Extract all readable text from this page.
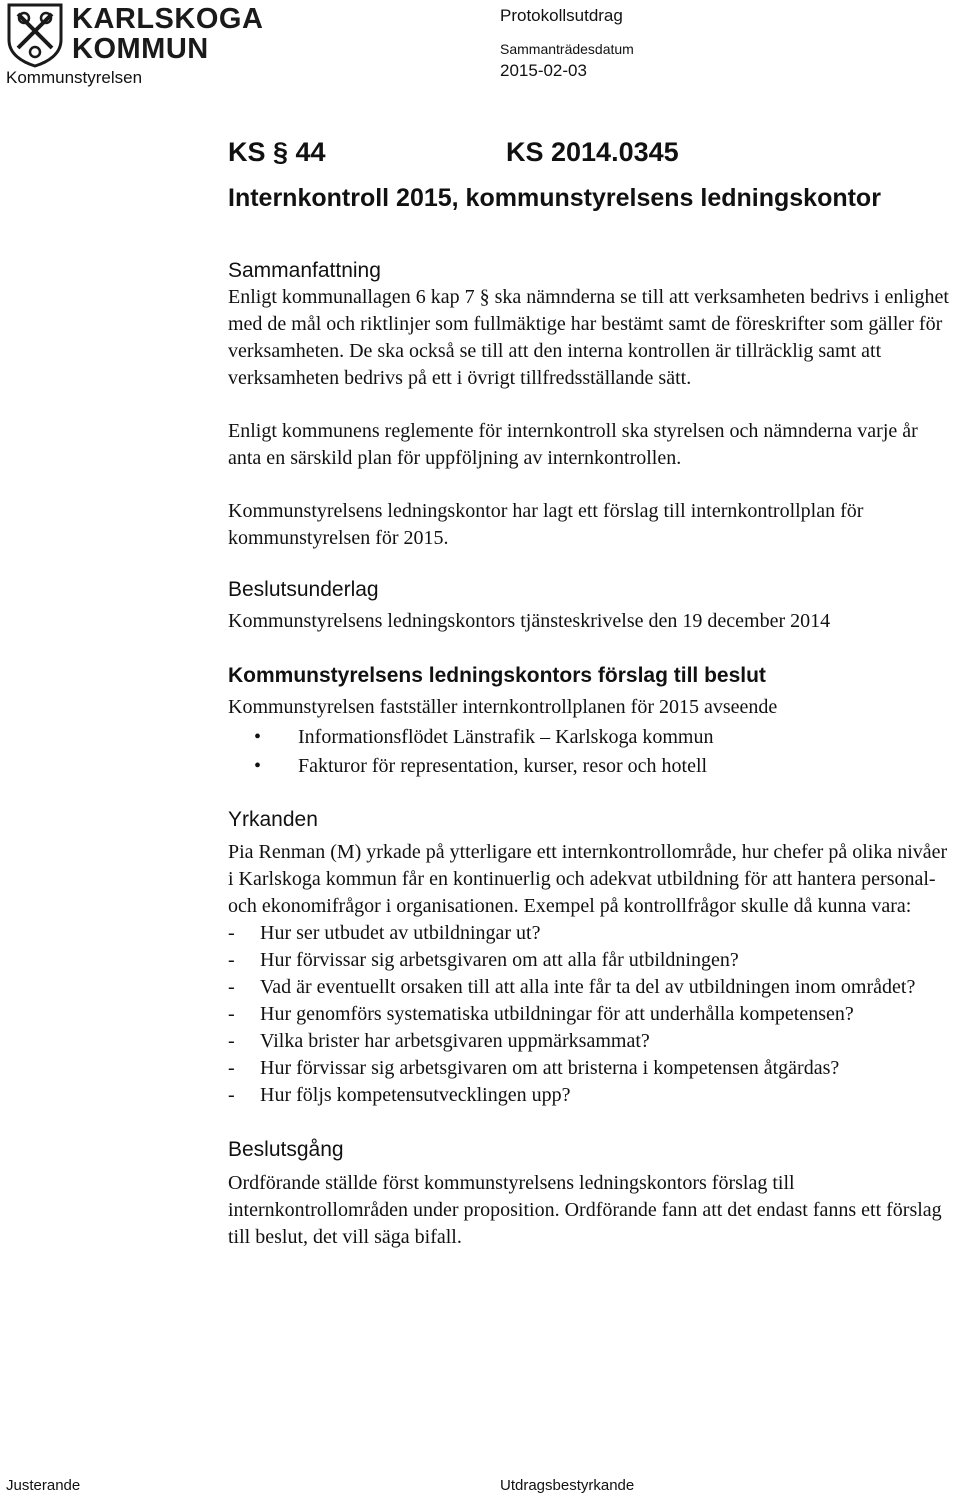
KARLSKOGA
KOMMUN
Kommunstyrelsen
Protokollsutdrag
Sammanträdesdatum
2015-02-03
KS § 44	KS 2014.0345
Internkontroll 2015, kommunstyrelsens ledningskontor
Sammanfattning

Enligt kommunallagen 6 kap 7 § ska nämnderna se till att verksamheten bedrivs i enlighet med de mål och riktlinjer som fullmäktige har bestämt samt de föreskrifter som gäller för verksamheten. De ska också se till att den interna kontrollen är tillräcklig samt att verksamheten bedrivs på ett i övrigt tillfredsställande sätt.

Enligt kommunens reglemente för internkontroll ska styrelsen och nämnderna varje år anta en särskild plan för uppföljning av internkontrollen.

Kommunstyrelsens ledningskontor har lagt ett förslag till internkontrollplan för kommunstyrelsen för 2015.

Beslutsunderlag

Kommunstyrelsens ledningskontors tjänsteskrivelse den 19 december 2014

Kommunstyrelsens ledningskontors förslag till beslut

Kommunstyrelsen fastställer internkontrollplanen för 2015 avseende

• Informationsflödet Länstrafik – Karlskoga kommun
• Fakturor för representation, kurser, resor och hotell
Yrkanden

Pia Renman (M) yrkade på ytterligare ett internkontrollområde, hur chefer på olika nivåer i Karlskoga kommun får en kontinuerlig och adekvat utbildning för att hantera personal- och ekonomifrågor i organisationen. Exempel på kontrollfrågor skulle då kunna vara:

- Hur ser utbudet av utbildningar ut?
- Hur förvissar sig arbetsgivaren om att alla får utbildningen?
- Vad är eventuellt orsaken till att alla inte får ta del av utbildningen inom området?
- Hur genomförs systematiska utbildningar för att underhålla kompetensen?
- Vilka brister har arbetsgivaren uppmärksammat?
- Hur förvissar sig arbetsgivaren om att bristerna i kompetensen åtgärdas?
- Hur följs kompetensutvecklingen upp?
Beslutsgång

Ordförande ställde först kommunstyrelsens ledningskontors förslag till internkontrollområden under proposition. Ordförande fann att det endast fanns ett förslag till beslut, det vill säga bifall.

Justerande	Utdragsbestyrkande
